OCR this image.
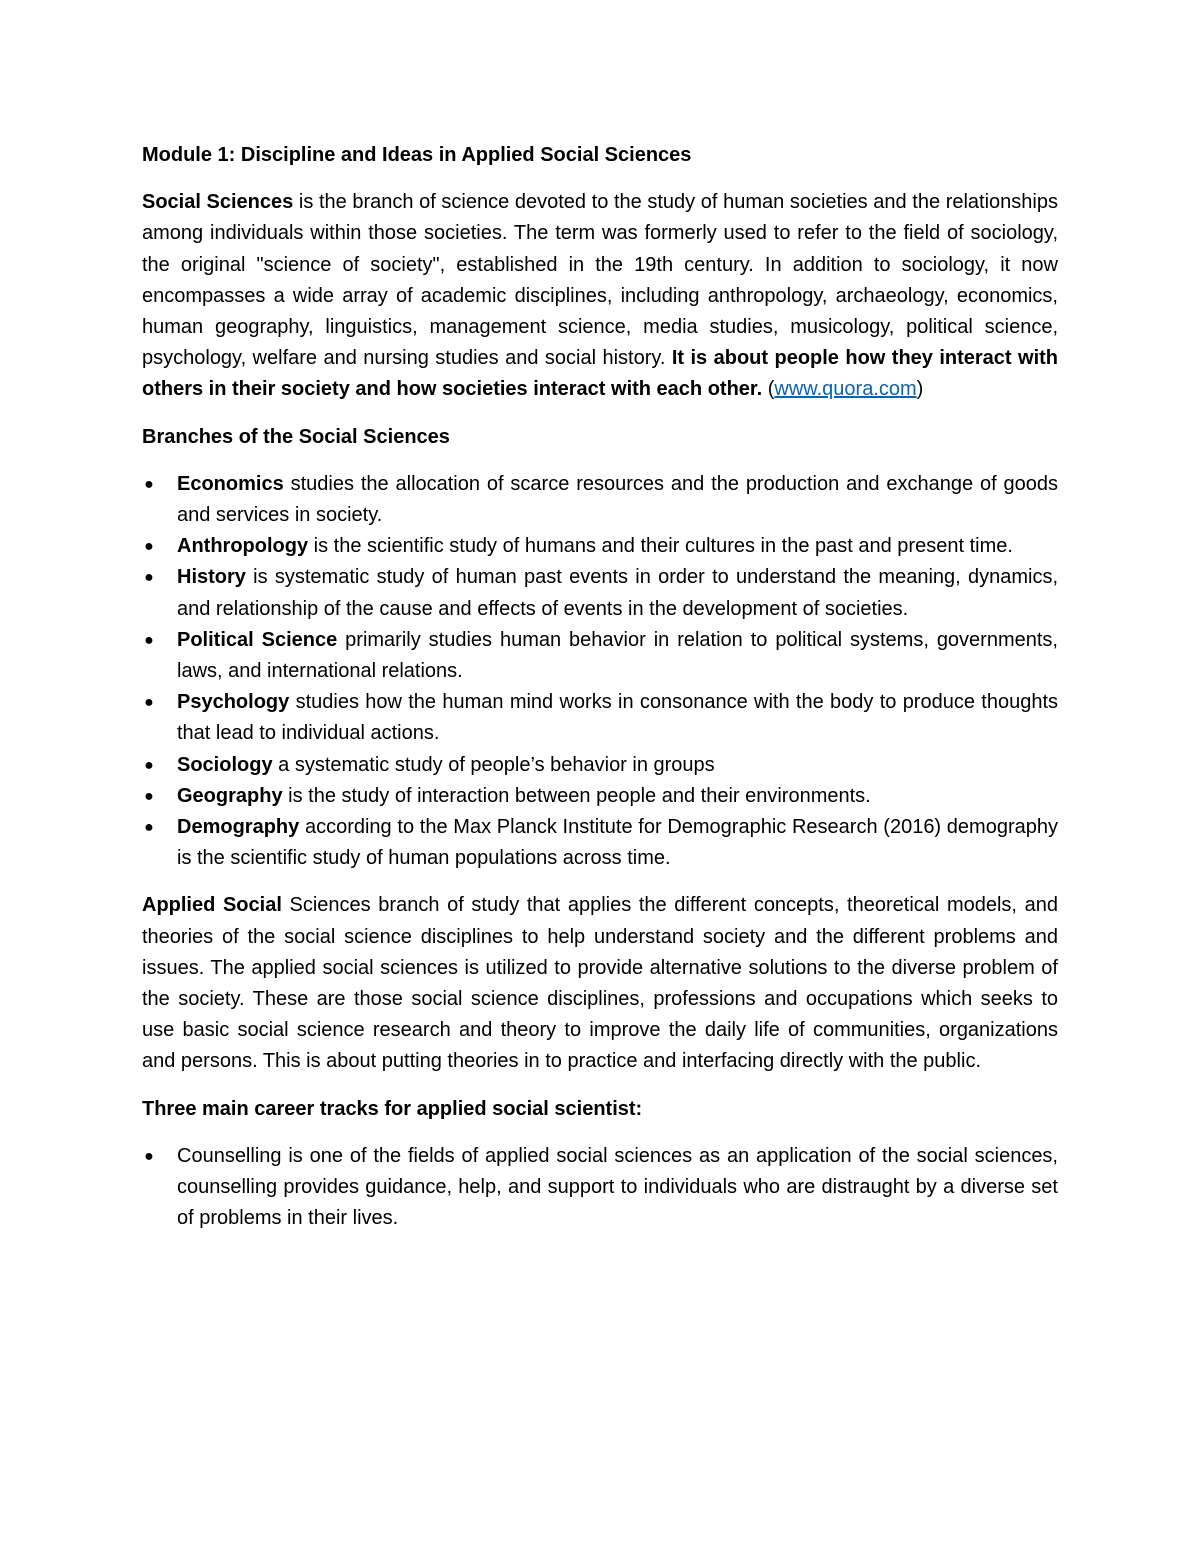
Module 1: Discipline and Ideas in Applied Social Sciences

Social Sciences is the branch of science devoted to the study of human societies and the relationships among individuals within those societies. The term was formerly used to refer to the field of sociology, the original "science of society", established in the 19th century. In addition to sociology, it now encompasses a wide array of academic disciplines, including anthropology, archaeology, economics, human geography, linguistics, management science, media studies, musicology, political science, psychology, welfare and nursing studies and social history. It is about people how they interact with others in their society and how societies interact with each other. (www.quora.com)

Branches of the Social Sciences
● Economics studies the allocation of scarce resources and the production and exchange of goods and services in society.
● Anthropology is the scientific study of humans and their cultures in the past and present time.
● History is systematic study of human past events in order to understand the meaning, dynamics, and relationship of the cause and effects of events in the development of societies.
● Political Science primarily studies human behavior in relation to political systems, governments, laws, and international relations.
● Psychology studies how the human mind works in consonance with the body to produce thoughts that lead to individual actions.
● Sociology a systematic study of people’s behavior in groups
● Geography is the study of interaction between people and their environments.
● Demography according to the Max Planck Institute for Demographic Research (2016) demography is the scientific study of human populations across time.

Applied Social Sciences branch of study that applies the different concepts, theoretical models, and theories of the social science disciplines to help understand society and the different problems and issues. The applied social sciences is utilized to provide alternative solutions to the diverse problem of the society. These are those social science disciplines, professions and occupations which seeks to use basic social science research and theory to improve the daily life of communities, organizations and persons. This is about putting theories in to practice and interfacing directly with the public.

Three main career tracks for applied social scientist:
● Counselling is one of the fields of applied social sciences as an application of the social sciences, counselling provides guidance, help, and support to individuals who are distraught by a diverse set of problems in their lives.
